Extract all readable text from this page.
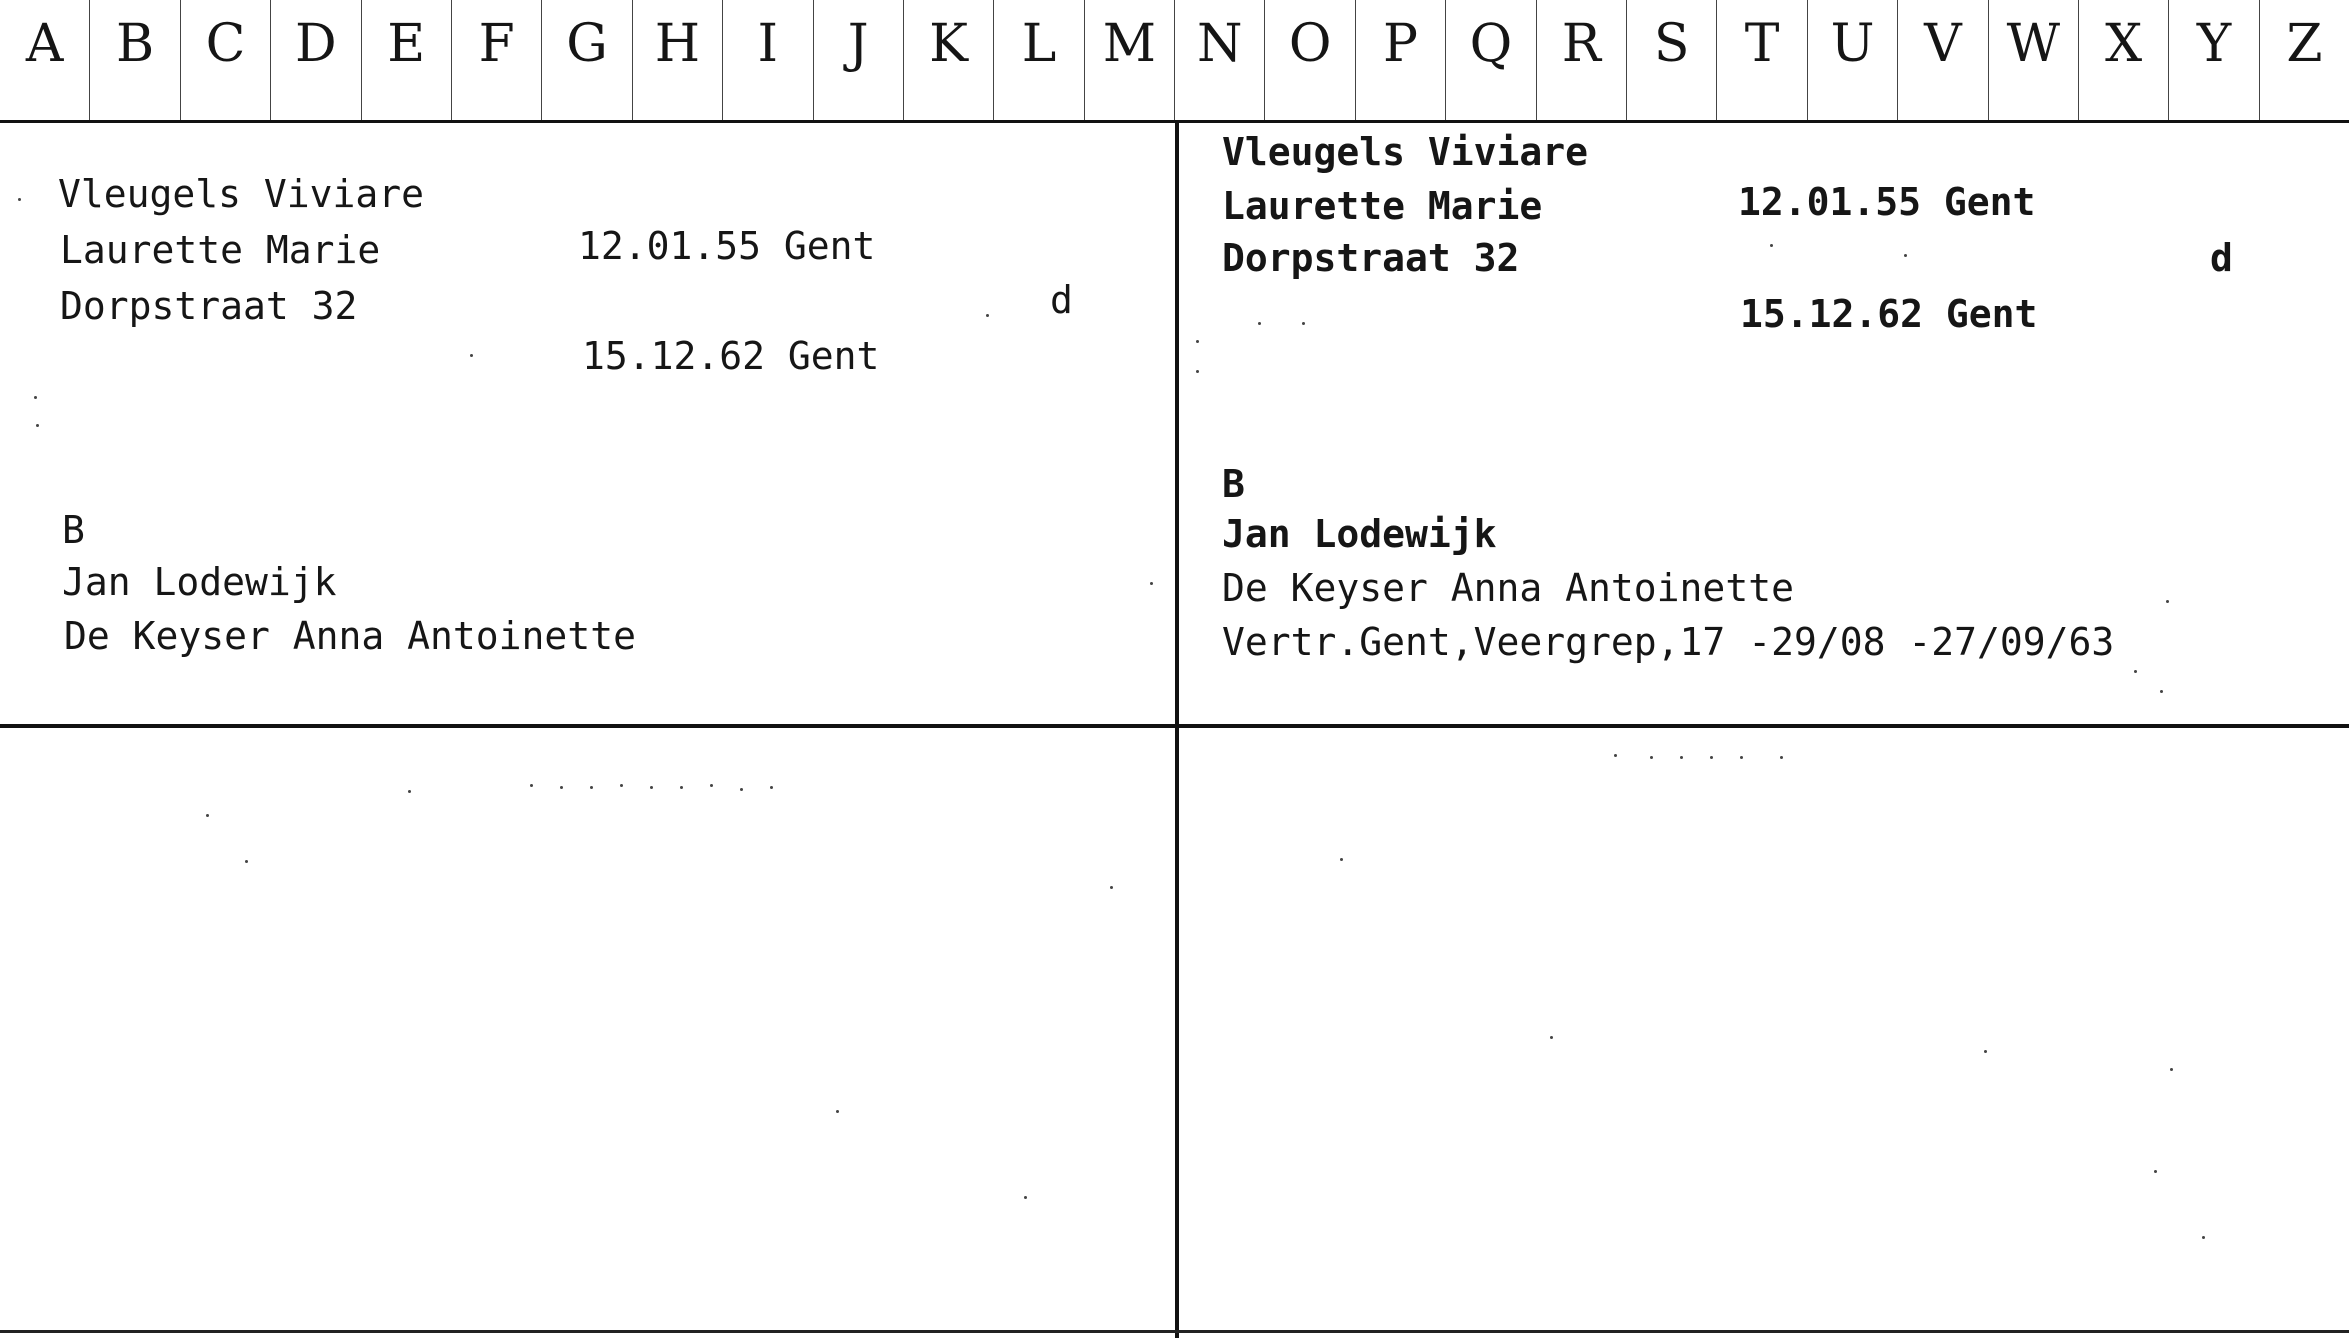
A	B C D E	F G H	I	J	K	L M N O P Q R	S	T U V W X	Y	Z
Vleugels Viviare
Laurette Marie	12.01.55 Gent
Dorpstraat 32	d
15.12.62 Gent
B
Jan Lodewijk
De Keyser Anna Antoinette
Vleugels Viviare
Laurette Marie	12.01.55 Gent
Dorpstraat 32	d
15.12.62 Gent
B
Jan Lodewijk
De Keyser Anna Antoinette
Vertr.Gent,Veergrep,17 -29/08 -27/09/63
